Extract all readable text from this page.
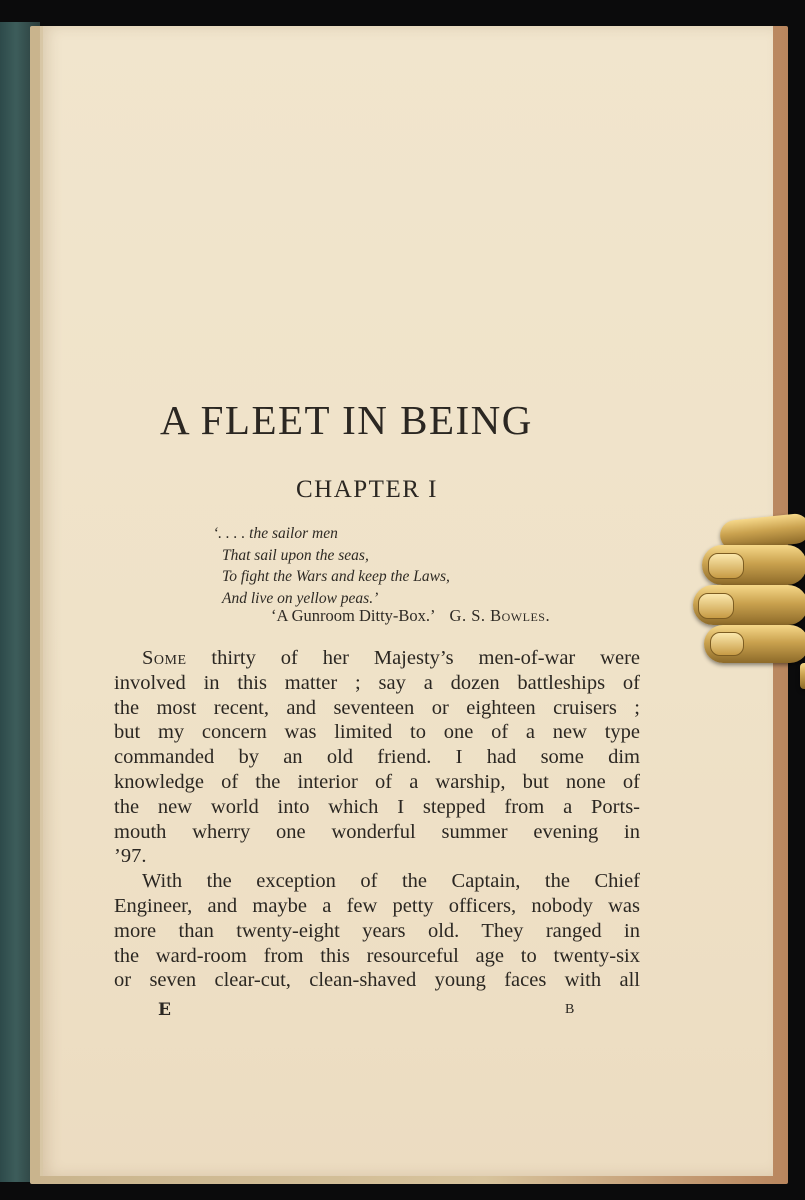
A FLEET IN BEING
CHAPTER I
‘. . . . the sailor men
That sail upon the seas,
To fight the Wars and keep the Laws,
And live on yellow peas.’
‘A Gunroom Ditty-Box.’ G. S. Bowles.

Some thirty of her Majesty’s men-of-war were
involved in this matter ; say a dozen battleships of
the most recent, and seventeen or eighteen cruisers ;
but my concern was limited to one of a new type
commanded by an old friend. I had some dim
knowledge of the interior of a warship, but none of
the new world into which I stepped from a Ports-
mouth wherry one wonderful summer evening in
’97.

With the exception of the Captain, the Chief
Engineer, and maybe a few petty officers, nobody was
more than twenty-eight years old. They ranged in
the ward-room from this resourceful age to twenty-six
or seven clear-cut, clean-shaved young faces with all

E	B
